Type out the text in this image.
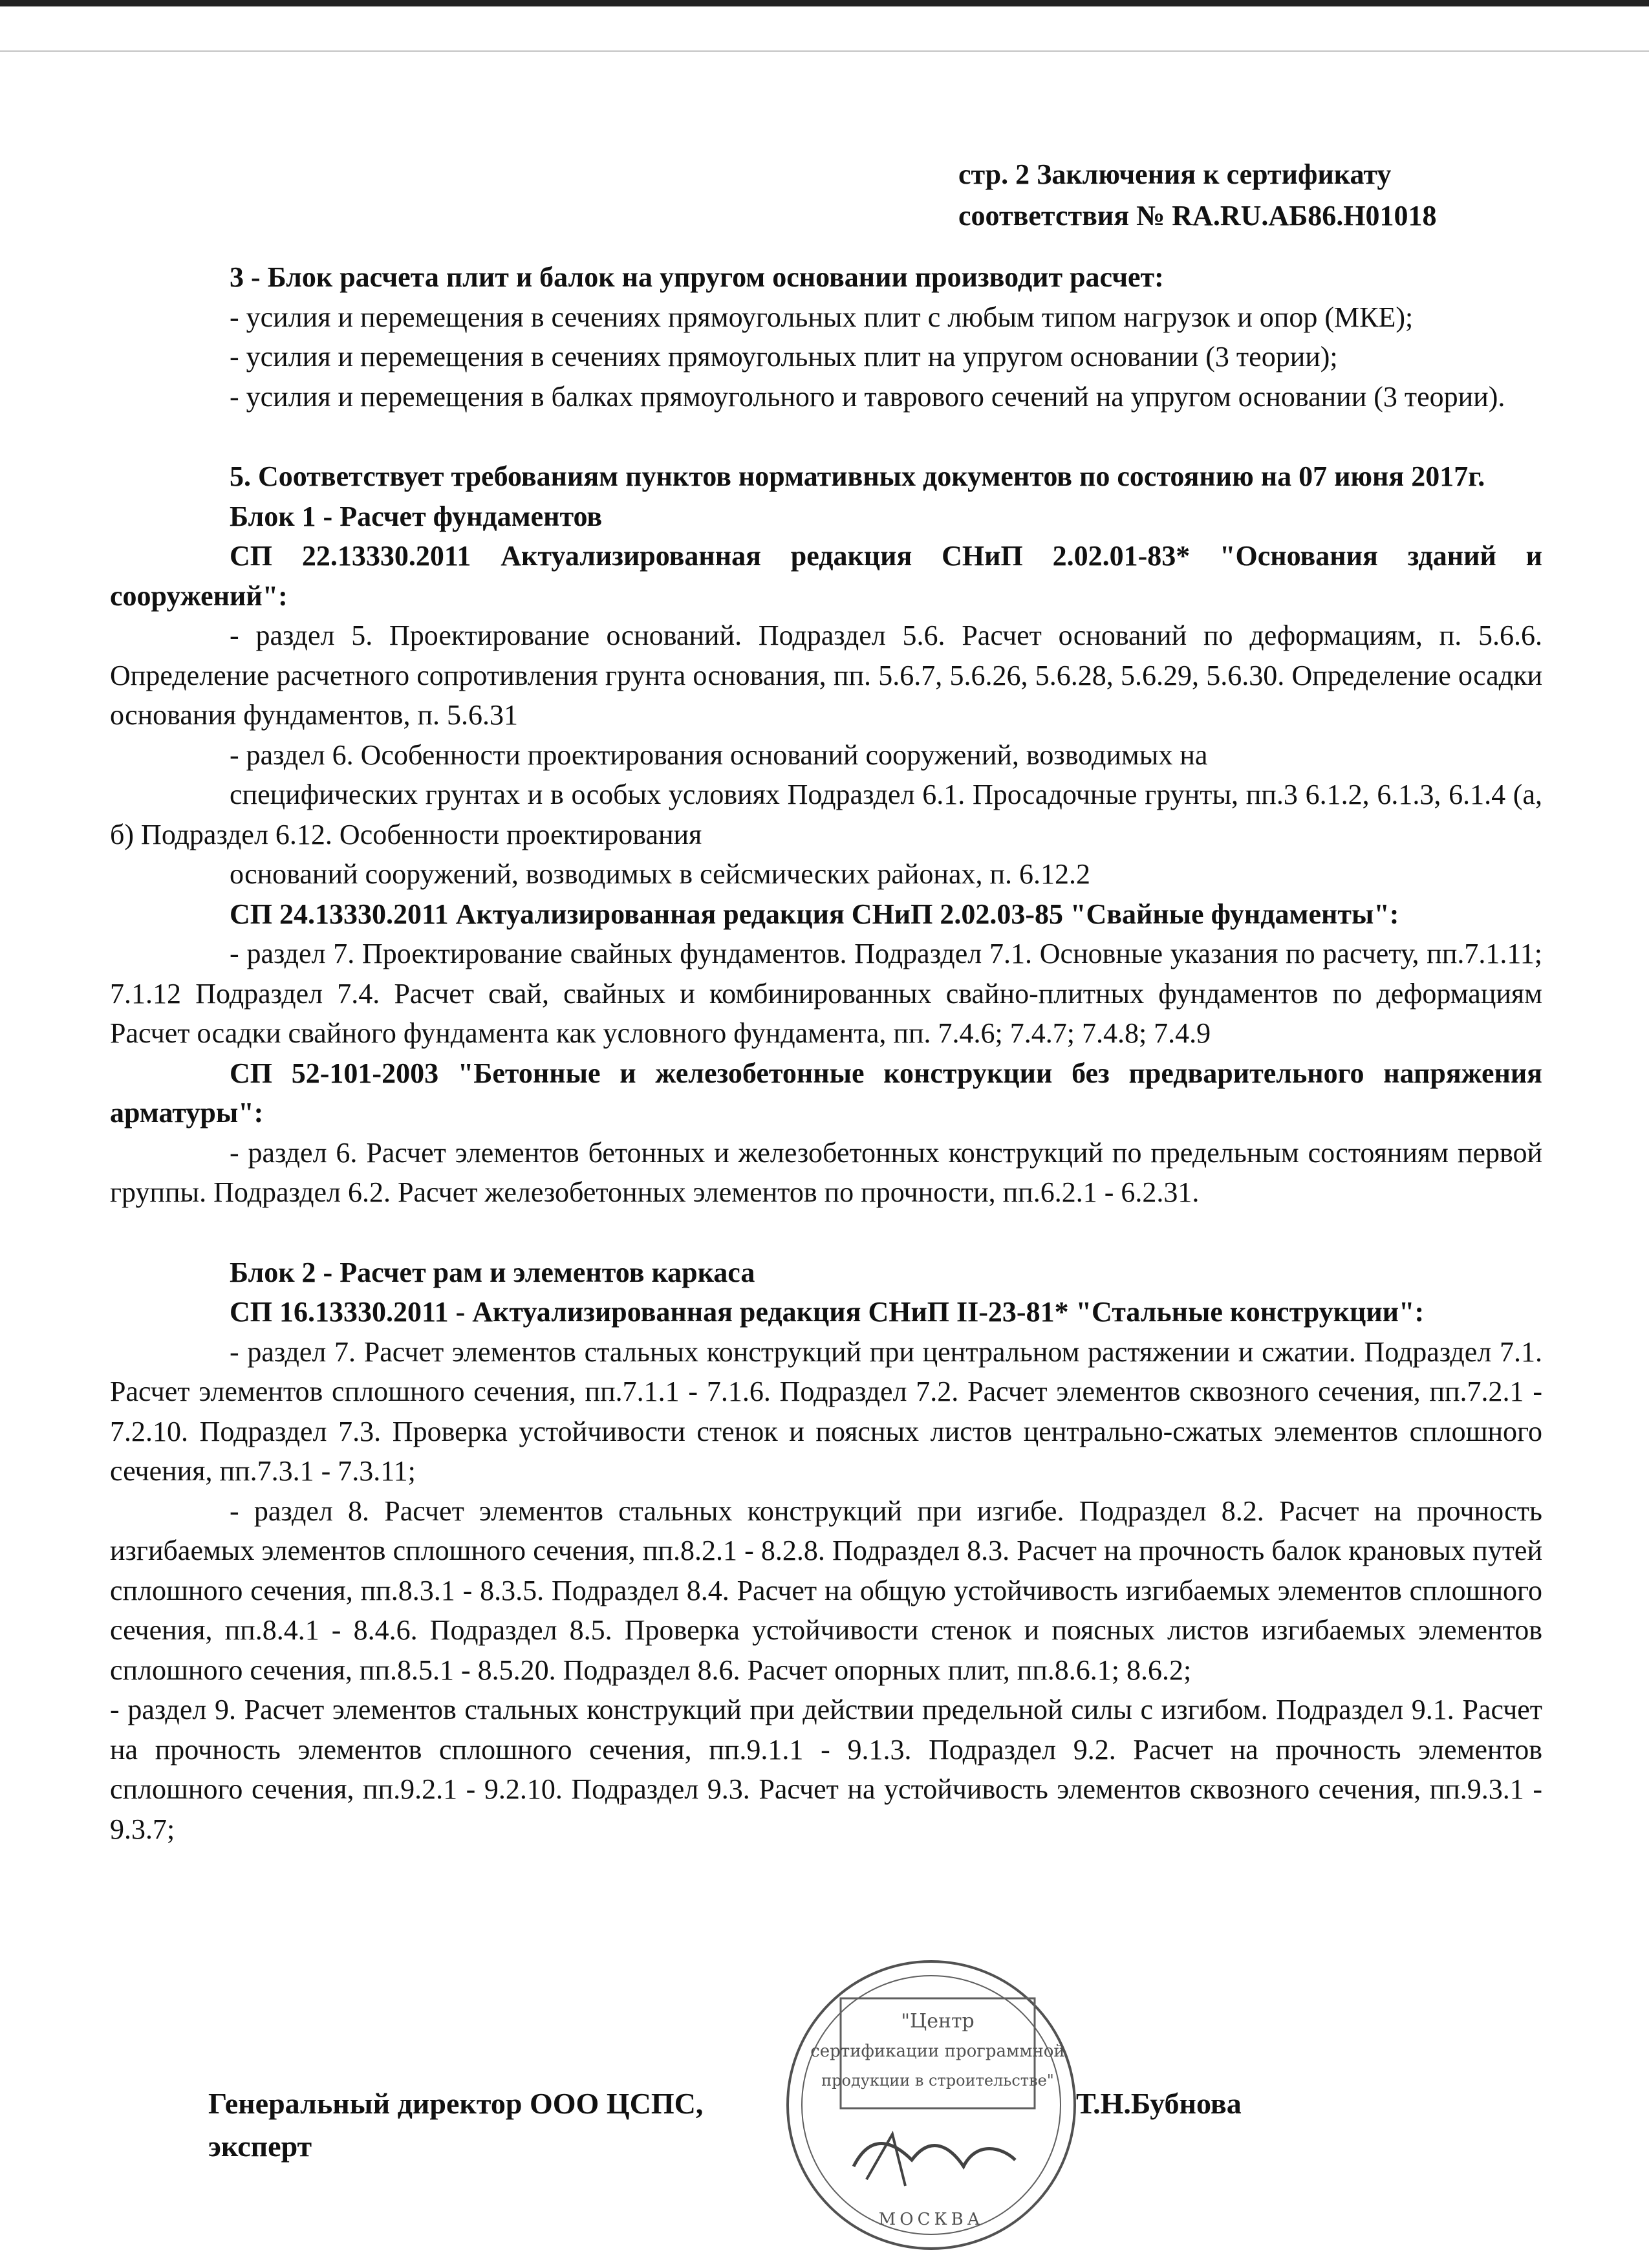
стр. 2 Заключения к сертификату
соответствия № RA.RU.АБ86.Н01018

3 - Блок расчета плит и балок на упругом основании производит расчет:

- усилия и перемещения в сечениях прямоугольных плит с любым типом нагрузок и опор (МКЕ);

- усилия и перемещения в сечениях прямоугольных плит на упругом основании (3 теории);

- усилия и перемещения в балках прямоугольного и таврового сечений на упругом основании (3 теории).

5. Соответствует требованиям пунктов нормативных документов по состоянию на 07 июня 2017г.

Блок 1 - Расчет фундаментов

СП 22.13330.2011 Актуализированная редакция СНиП 2.02.01-83* "Основания зданий и сооружений":

- раздел 5. Проектирование оснований. Подраздел 5.6. Расчет оснований по деформациям, п. 5.6.6. Определение расчетного сопротивления грунта основания, пп. 5.6.7, 5.6.26, 5.6.28, 5.6.29, 5.6.30. Определение осадки основания фундаментов, п. 5.6.31

- раздел 6. Особенности проектирования оснований сооружений, возводимых на

специфических грунтах и в особых условиях Подраздел 6.1. Просадочные грунты, пп.3 6.1.2, 6.1.3, 6.1.4 (а, б) Подраздел 6.12. Особенности проектирования

оснований сооружений, возводимых в сейсмических районах, п. 6.12.2

СП 24.13330.2011 Актуализированная редакция СНиП 2.02.03-85 "Свайные фундаменты":

- раздел 7. Проектирование свайных фундаментов. Подраздел 7.1. Основные указания по расчету, пп.7.1.11; 7.1.12 Подраздел 7.4. Расчет свай, свайных и комбинированных свайно-плитных фундаментов по деформациям Расчет осадки свайного фундамента как условного фундамента, пп. 7.4.6; 7.4.7; 7.4.8; 7.4.9

СП 52-101-2003 "Бетонные и железобетонные конструкции без предварительного напряжения арматуры":

- раздел 6. Расчет элементов бетонных и железобетонных конструкций по предельным состояниям первой группы. Подраздел 6.2. Расчет железобетонных элементов по прочности, пп.6.2.1 - 6.2.31.

Блок 2 - Расчет рам и элементов каркаса

СП 16.13330.2011 - Актуализированная редакция СНиП II-23-81* "Стальные конструкции":

- раздел 7. Расчет элементов стальных конструкций при центральном растяжении и сжатии. Подраздел 7.1. Расчет элементов сплошного сечения, пп.7.1.1 - 7.1.6. Подраздел 7.2. Расчет элементов сквозного сечения, пп.7.2.1 - 7.2.10. Подраздел 7.3. Проверка устойчивости стенок и поясных листов центрально-сжатых элементов сплошного сечения, пп.7.3.1 - 7.3.11;

- раздел 8. Расчет элементов стальных конструкций при изгибе. Подраздел 8.2. Расчет на прочность изгибаемых элементов сплошного сечения, пп.8.2.1 - 8.2.8. Подраздел 8.3. Расчет на прочность балок крановых путей сплошного сечения, пп.8.3.1 - 8.3.5. Подраздел 8.4. Расчет на общую устойчивость изгибаемых элементов сплошного сечения, пп.8.4.1 - 8.4.6. Подраздел 8.5. Проверка устойчивости стенок и поясных листов изгибаемых элементов сплошного сечения, пп.8.5.1 - 8.5.20. Подраздел 8.6. Расчет опорных плит, пп.8.6.1; 8.6.2;

- раздел 9. Расчет элементов стальных конструкций при действии предельной силы с изгибом. Подраздел 9.1. Расчет на прочность элементов сплошного сечения, пп.9.1.1 - 9.1.3. Подраздел 9.2. Расчет на прочность элементов сплошного сечения, пп.9.2.1 - 9.2.10. Подраздел 9.3. Расчет на устойчивость элементов сквозного сечения, пп.9.3.1 - 9.3.7;

Генеральный директор ООО ЦСПС,
эксперт
Т.Н.Бубнова
"Центр
сертификации программной
продукции в строительстве"
МОСКВА
